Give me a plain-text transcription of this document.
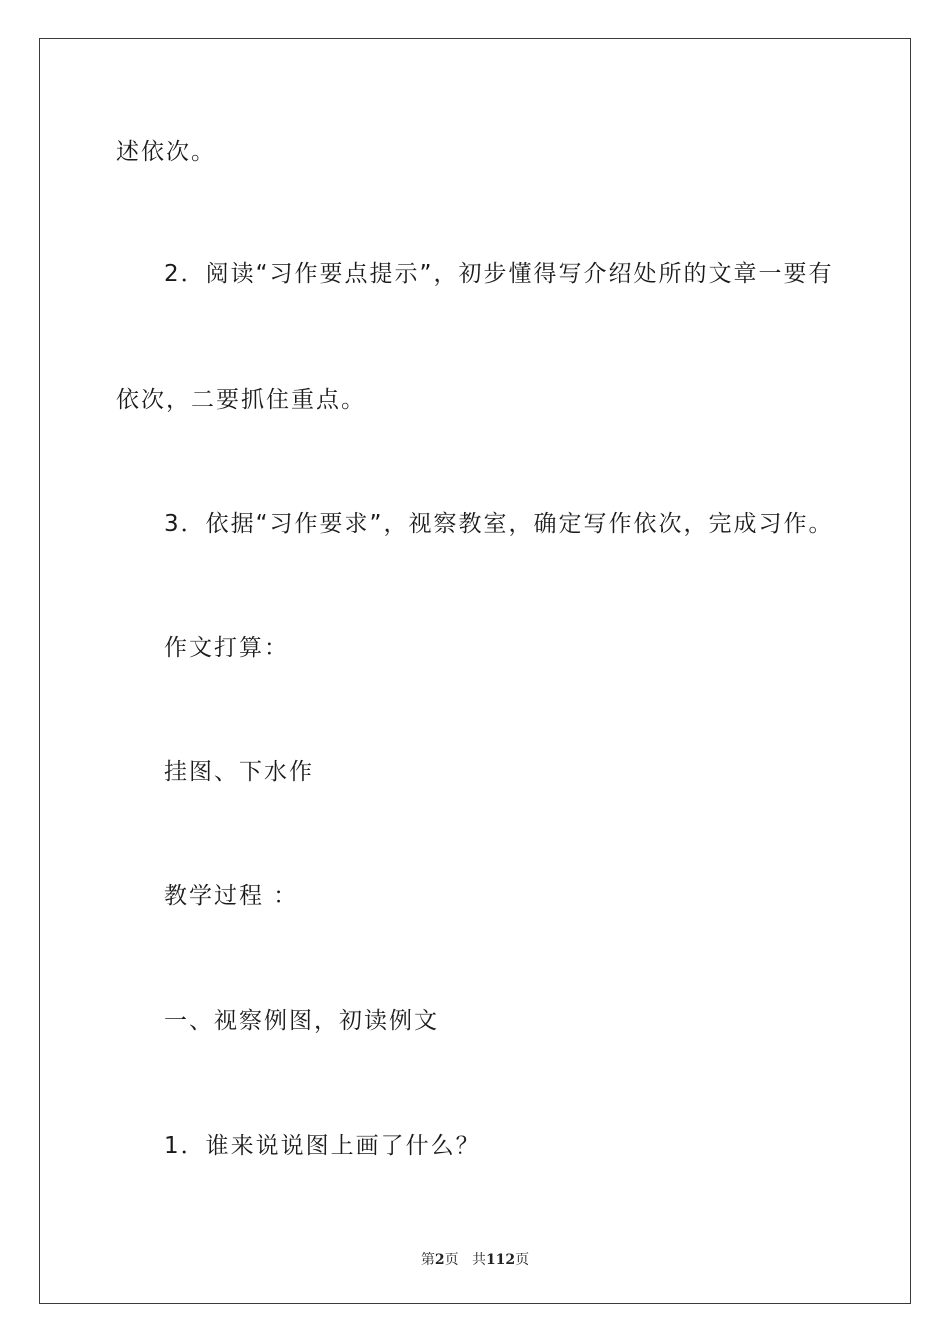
述依次。
2．阅读“习作要点提示”，初步懂得写介绍处所的文章一要有
依次，二要抓住重点。
3．依据“习作要求”，视察教室，确定写作依次，完成习作。
作文打算：
挂图、下水作
教学过程 ：
一、视察例图，初读例文
1．谁来说说图上画了什么？
第2页 共112页
